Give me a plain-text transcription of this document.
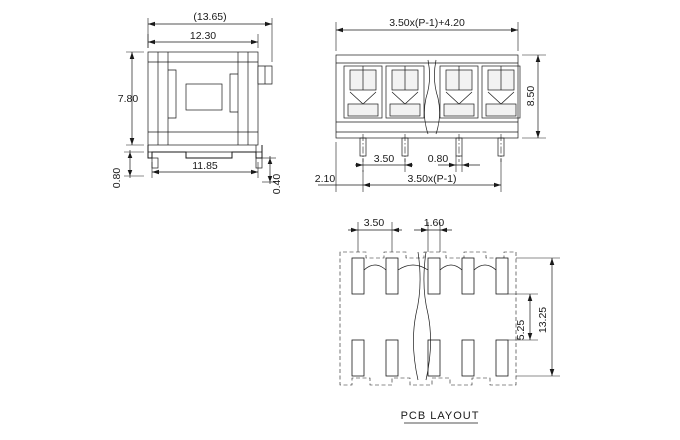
(13.65)
12.30
7.80
0.80
11.85
0.40
3.50x(P-1)+4.20
8.50
3.50	0.80
3.50x(P-1)
2.10
3.50	1.60
5.25 13.25
PCB LAYOUT
